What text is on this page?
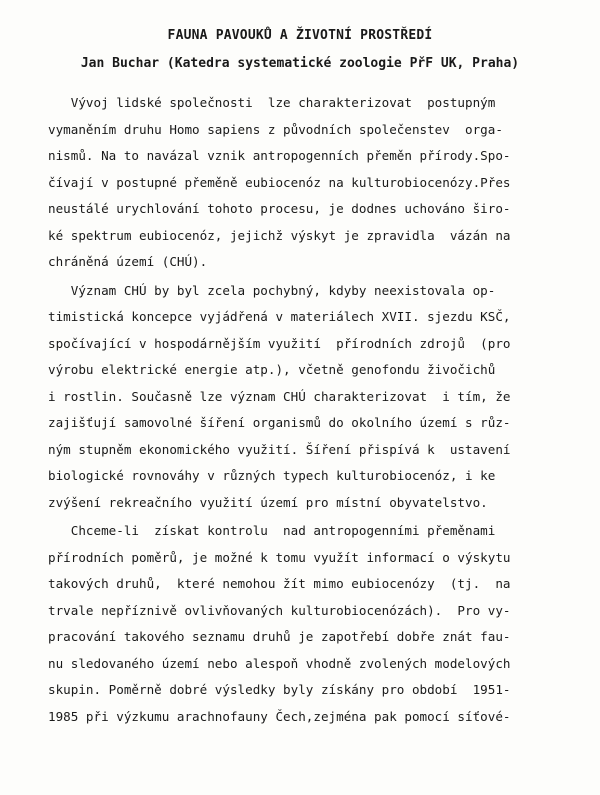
FAUNA PAVOUKŮ A ŽIVOTNÍ PROSTŘEDÍ
Jan Buchar (Katedra systematické zoologie PřF UK, Praha)
Vývoj lidské společnosti  lze charakterizovat  postupným
vymaněním druhu Homo sapiens z původních společenstev  orga-
nismů. Na to navázal vznik antropogenních přeměn přírody.Spo-
čívají v postupné přeměně eubiocenóz na kulturobiocenózy.Přes
neustálé urychlování tohoto procesu, je dodnes uchováno širo-
ké spektrum eubiocenóz, jejichž výskyt je zpravidla  vázán na
chráněná území (CHÚ).
Význam CHÚ by byl zcela pochybný, kdyby neexistovala op-
timistická koncepce vyjádřená v materiálech XVII. sjezdu KSČ,
spočívající v hospodárnějším využití  přírodních zdrojů  (pro
výrobu elektrické energie atp.), včetně genofondu živočichů
i rostlin. Současně lze význam CHÚ charakterizovat  i tím, že
zajišťují samovolné šíření organismů do okolního území s růz-
ným stupněm ekonomického využití. Šíření přispívá k  ustavení
biologické rovnováhy v různých typech kulturobiocenóz, i ke
zvýšení rekreačního využití území pro místní obyvatelstvo.
Chceme-li  získat kontrolu  nad antropogenními přeměnami
přírodních poměrů, je možné k tomu využít informací o výskytu
takových druhů,  které nemohou žít mimo eubiocenózy  (tj.  na
trvale nepříznivě ovlivňovaných kulturobiocenózách).  Pro vy-
pracování takového seznamu druhů je zapotřebí dobře znát fau-
nu sledovaného území nebo alespoň vhodně zvolených modelových
skupin. Poměrně dobré výsledky byly získány pro období  1951-
1985 při výzkumu arachnofauny Čech,zejména pak pomocí síťové-
